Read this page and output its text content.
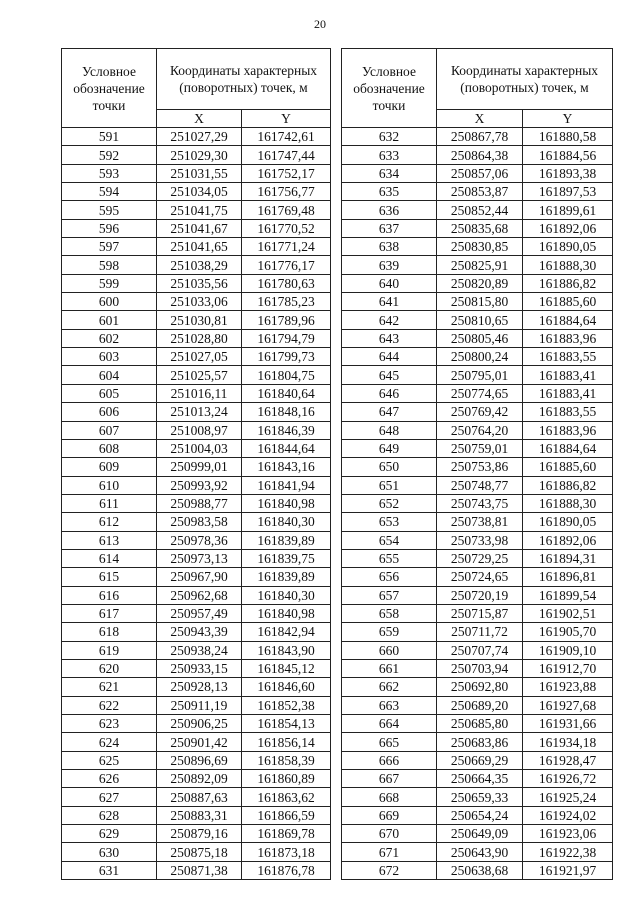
20
Условное обозначение точки	Координаты характерных (поворотных) точек, м	
	X	Y
591	251027,29	161742,61
592	251029,30	161747,44
593	251031,55	161752,17
594	251034,05	161756,77
595	251041,75	161769,48
596	251041,67	161770,52
597	251041,65	161771,24
598	251038,29	161776,17
599	251035,56	161780,63
600	251033,06	161785,23
601	251030,81	161789,96
602	251028,80	161794,79
603	251027,05	161799,73
604	251025,57	161804,75
605	251016,11	161840,64
606	251013,24	161848,16
607	251008,97	161846,39
608	251004,03	161844,64
609	250999,01	161843,16
610	250993,92	161841,94
611	250988,77	161840,98
612	250983,58	161840,30
613	250978,36	161839,89
614	250973,13	161839,75
615	250967,90	161839,89
616	250962,68	161840,30
617	250957,49	161840,98
618	250943,39	161842,94
619	250938,24	161843,90
620	250933,15	161845,12
621	250928,13	161846,60
622	250911,19	161852,38
623	250906,25	161854,13
624	250901,42	161856,14
625	250896,69	161858,39
626	250892,09	161860,89
627	250887,63	161863,62
628	250883,31	161866,59
629	250879,16	161869,78
630	250875,18	161873,18
631	250871,38	161876,78
Условное обозначение точки	Координаты характерных (поворотных) точек, м	
	X	Y
632	250867,78	161880,58
633	250864,38	161884,56
634	250857,06	161893,38
635	250853,87	161897,53
636	250852,44	161899,61
637	250835,68	161892,06
638	250830,85	161890,05
639	250825,91	161888,30
640	250820,89	161886,82
641	250815,80	161885,60
642	250810,65	161884,64
643	250805,46	161883,96
644	250800,24	161883,55
645	250795,01	161883,41
646	250774,65	161883,41
647	250769,42	161883,55
648	250764,20	161883,96
649	250759,01	161884,64
650	250753,86	161885,60
651	250748,77	161886,82
652	250743,75	161888,30
653	250738,81	161890,05
654	250733,98	161892,06
655	250729,25	161894,31
656	250724,65	161896,81
657	250720,19	161899,54
658	250715,87	161902,51
659	250711,72	161905,70
660	250707,74	161909,10
661	250703,94	161912,70
662	250692,80	161923,88
663	250689,20	161927,68
664	250685,80	161931,66
665	250683,86	161934,18
666	250669,29	161928,47
667	250664,35	161926,72
668	250659,33	161925,24
669	250654,24	161924,02
670	250649,09	161923,06
671	250643,90	161922,38
672	250638,68	161921,97
